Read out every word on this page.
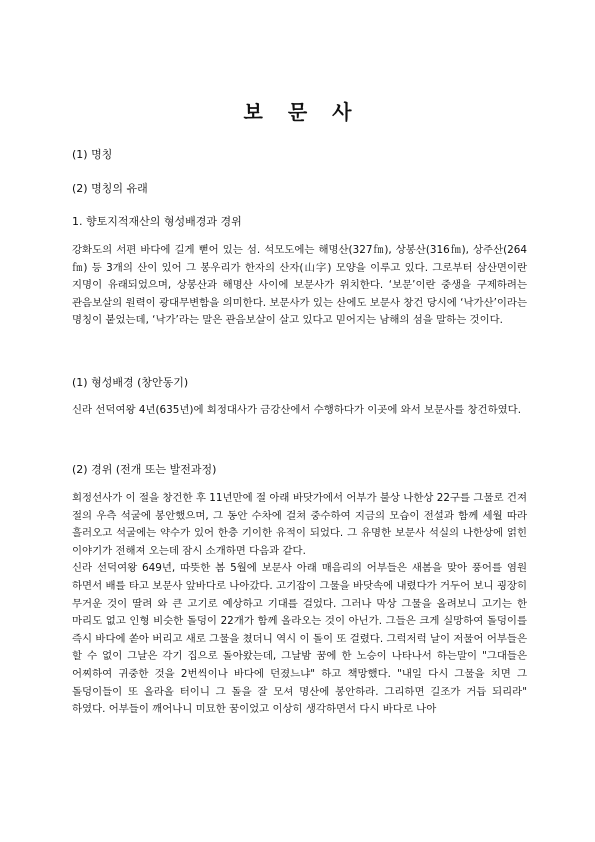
보 문 사
(1) 명칭
(2) 명칭의 유래
1. 향토지적재산의 형성배경과 경위
강화도의 서편 바다에 길게 뻗어 있는 섬. 석모도에는 해명산(327㎙), 상봉산(316㎙), 상주산(264㎙) 등 3개의 산이 있어 그 봉우리가 한자의 산자(山字) 모양을 이루고 있다. 그로부터 삼산면이란 지명이 유래되었으며, 상봉산과 해명산 사이에 보문사가 위치한다. ‘보문’이란 중생을 구제하려는 관음보살의 원력이 광대무변함을 의미한다. 보문사가 있는 산에도 보문사 창건 당시에 ‘낙가산’이라는 명칭이 붙었는데, ‘낙가’라는 말은 관음보살이 살고 있다고 믿어지는 남해의 섬을 말하는 것이다.
(1) 형성배경 (창안동기)
신라 선덕여왕 4년(635년)에 회정대사가 금강산에서 수행하다가 이곳에 와서 보문사를 창건하였다.
(2) 경위 (전개 또는 발전과정)
회정선사가 이 절을 창건한 후 11년만에 절 아래 바닷가에서 어부가 불상 나한상 22구를 그물로 건져 절의 우측 석굴에 봉안했으며, 그 동안 수차에 걸쳐 중수하여 지금의 모습이 전설과 함께 세월 따라 흘러오고 석굴에는 약수가 있어 한층 기이한 유적이 되었다. 그 유명한 보문사 석실의 나한상에 얽힌 이야기가 전해져 오는데 잠시 소개하면 다음과 같다.
신라 선덕여왕 649년, 따뜻한 봄 5월에 보문사 아래 매음리의 어부들은 새봄을 맞아 풍어를 염원 하면서 배를 타고 보문사 앞바다로 나아갔다. 고기잡이 그물을 바닷속에 내렸다가 거두어 보니 굉장히 무거운 것이 딸려 와 큰 고기로 예상하고 기대를 걸었다. 그러나 막상 그물을 올려보니 고기는 한 마리도 없고 인형 비슷한 돌덩이 22개가 함께 올라오는 것이 아닌가. 그들은 크게 실망하여 돌덩이를 즉시 바다에 쏟아 버리고 새로 그물을 쳤더니 역시 이 돌이 또 걸렸다. 그럭저럭 날이 저물어 어부들은 할 수 없이 그날은 각기 집으로 돌아왔는데, 그날밤 꿈에 한 노승이 나타나서 하는말이 "그대들은 어찌하여 귀중한 것을 2번씩이나 바다에 던졌느냐" 하고 책망했다. "내일 다시 그물을 치면 그 돌덩이들이 또 올라올 터이니 그 돌을 잘 모셔 명산에 봉안하라. 그리하면 길조가 거듭 되리라" 하였다. 어부들이 깨어나니 미묘한 꿈이었고 이상히 생각하면서 다시 바다로 나아
